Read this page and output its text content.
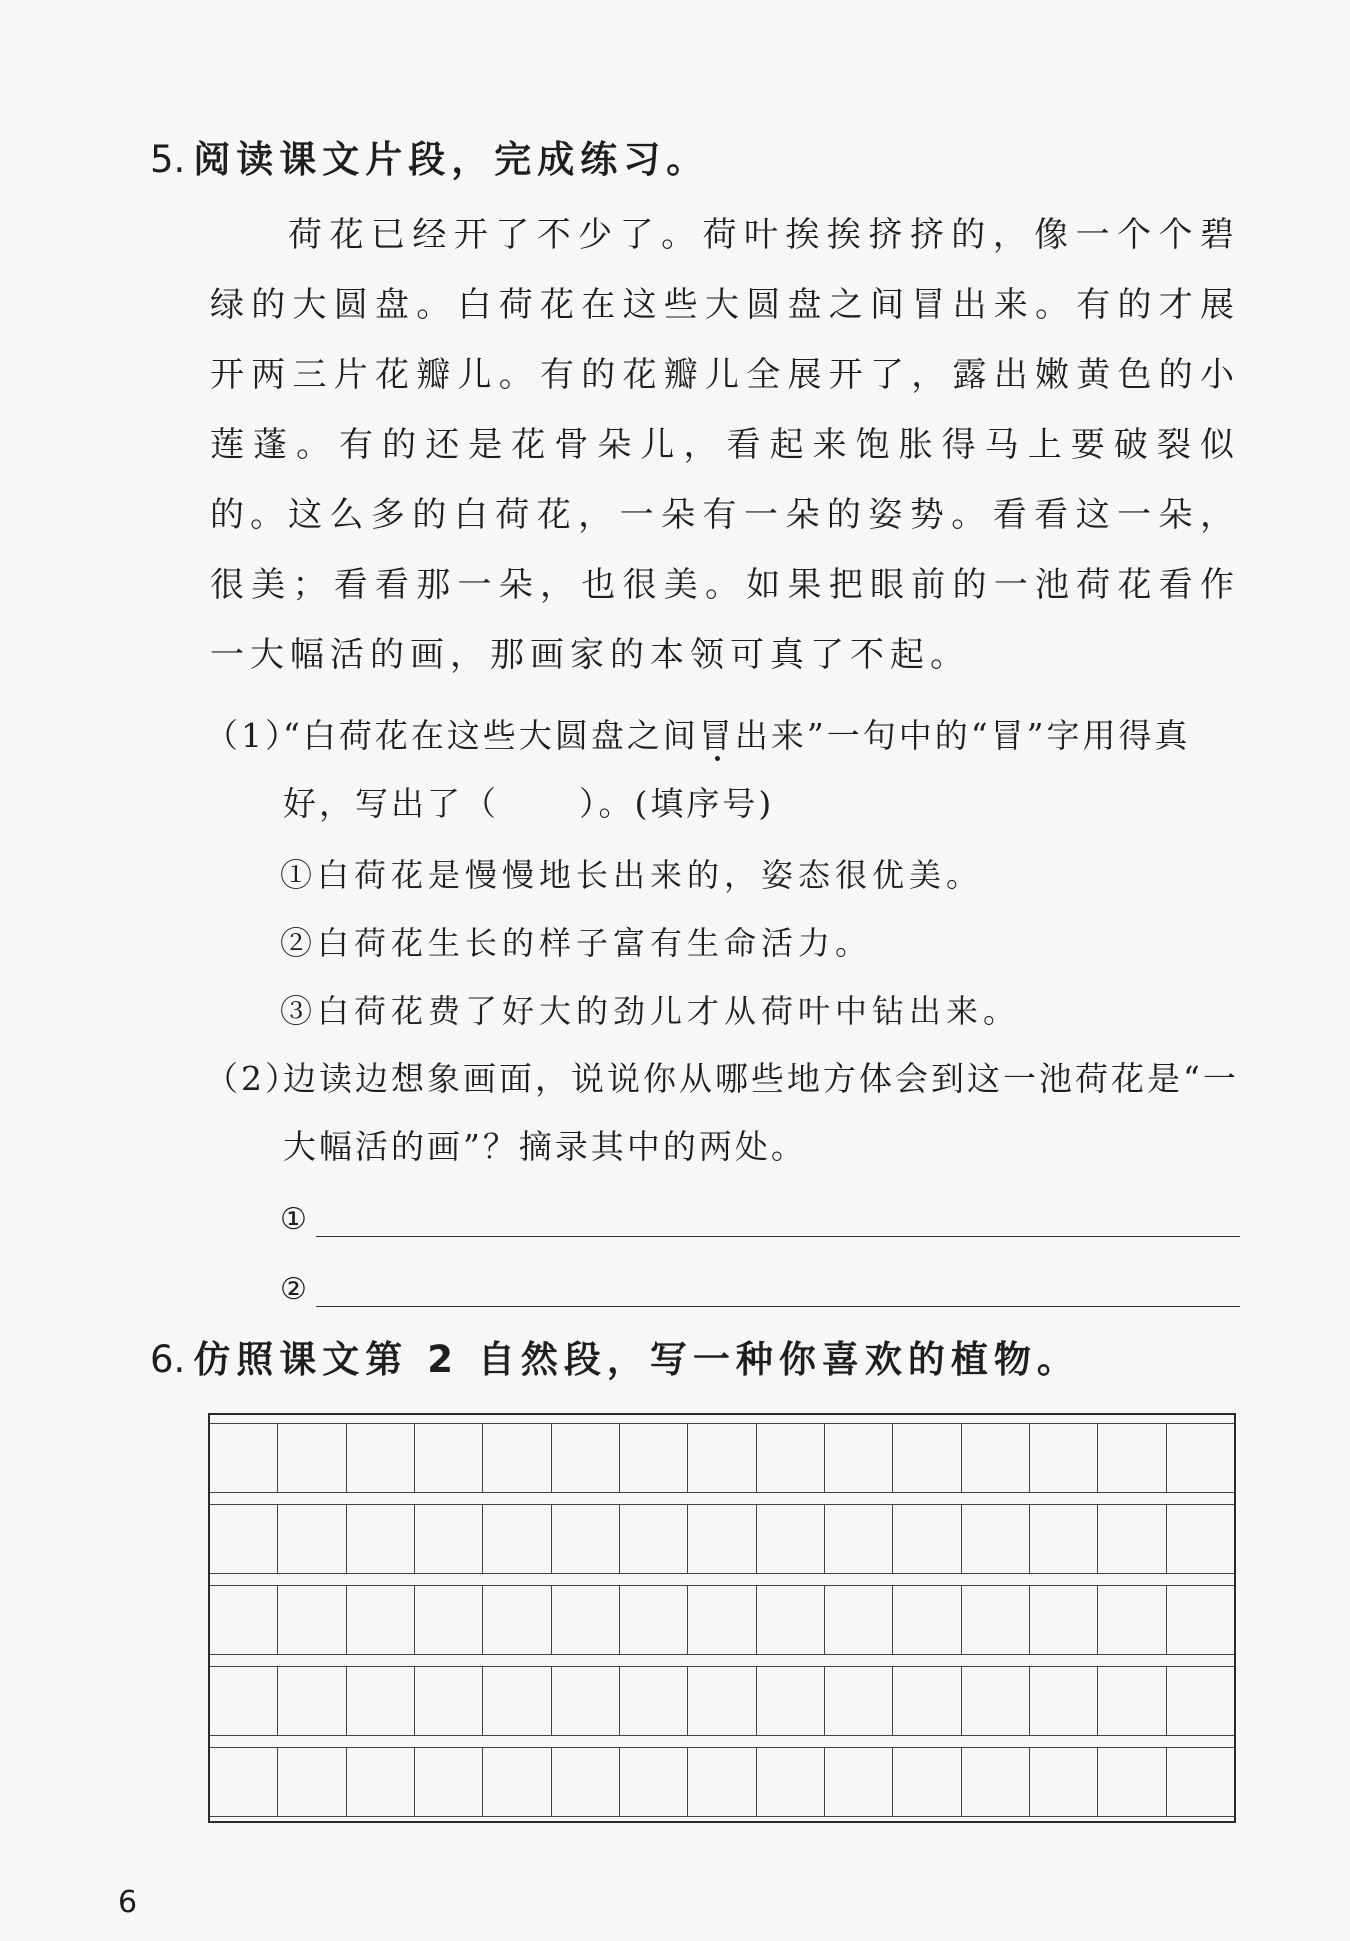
5. 阅读课文片段，完成练习。
荷花已经开了不少了。荷叶挨挨挤挤的，像一个个碧绿的大圆盘。白荷花在这些大圆盘之间冒出来。有的才展开两三片花瓣儿。有的花瓣儿全展开了，露出嫩黄色的小莲蓬。有的还是花骨朵儿，看起来饱胀得马上要破裂似的。
这么多的白荷花，一朵有一朵的姿势。看看这一朵，很美；看看那一朵，也很美。如果把眼前的一池荷花看作一大幅活的画，那画家的本领可真了不起。
（1）
“白荷花在这些大圆盘之间冒出来”一句中的“冒”字用得真好，写出了（ ）。(填序号)
①白荷花是慢慢地长出来的，姿态很优美。
②白荷花生长的样子富有生命活力。
③白荷花费了好大的劲儿才从荷叶中钻出来。
（2）
边读边想象画面，说说你从哪些地方体会到这一池荷花是“一大幅活的画”？摘录其中的两处。
①
②
6. 仿照课文第 2 自然段，写一种你喜欢的植物。
6
